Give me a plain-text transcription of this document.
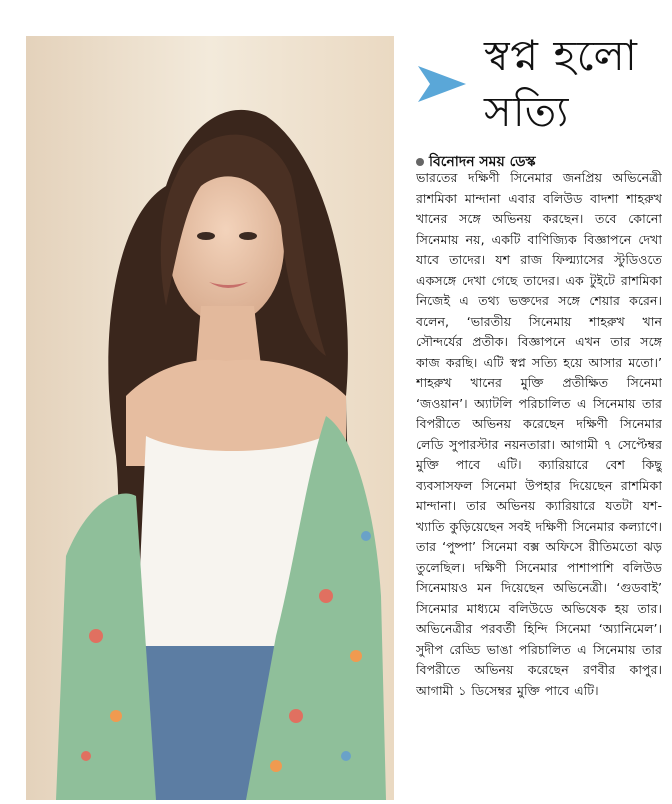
স্বপ্ন হলো সত্যি
বিনোদন সময় ডেস্ক
ভারতের দক্ষিণী সিনেমার জনপ্রিয় অভিনেত্রী রাশমিকা মান্দানা এবার বলিউড বাদশা শাহরুখ খানের সঙ্গে অভিনয় করছেন। তবে কোনো সিনেমায় নয়, একটি বাণিজ্যিক বিজ্ঞাপনে দেখা যাবে তাদের। যশ রাজ ফিল্ম্যাসের স্টুডিওতে একসঙ্গে দেখা গেছে তাদের। এক টুইটে রাশমিকা নিজেই এ তথ্য ভক্তদের সঙ্গে শেয়ার করেন। বলেন, ‘ভারতীয় সিনেমায় শাহরুখ খান সৌন্দর্যের প্রতীক। বিজ্ঞাপনে এখন তার সঙ্গে কাজ করছি। এটি স্বপ্ন সত্যি হয়ে আসার মতো।’ শাহরুখ খানের মুক্তি প্রতীক্ষিত সিনেমা ‘জওয়ান’। অ্যাটলি পরিচালিত এ সিনেমায় তার বিপরীতে অভিনয় করেছেন দক্ষিণী সিনেমার লেডি সুপারস্টার নয়নতারা। আগামী ৭ সেপ্টেম্বর মুক্তি পাবে এটি। ক্যারিয়ারে বেশ কিছু ব্যবসাসফল সিনেমা উপহার দিয়েছেন রাশমিকা মান্দানা। তার অভিনয় ক্যারিয়ারে যতটা যশ-খ্যাতি কুড়িয়েছেন সবই দক্ষিণী সিনেমার কল্যাণে। তার ‘পুষ্পা’ সিনেমা বক্স অফিসে রীতিমতো ঝড় তুলেছিল। দক্ষিণী সিনেমার পাশাপাশি বলিউড সিনেমায়ও মন দিয়েছেন অভিনেত্রী। ‘গুডবাই’ সিনেমার মাধ্যমে বলিউডে অভিষেক হয় তার। অভিনেত্রীর পরবর্তী হিন্দি সিনেমা ‘অ্যানিমেল’। সুদীপ রেড্ডি ভাঙা পরিচালিত এ সিনেমায় তার বিপরীতে অভিনয় করেছেন রণবীর কাপুর। আগামী ১ ডিসেম্বর মুক্তি পাবে এটি।
